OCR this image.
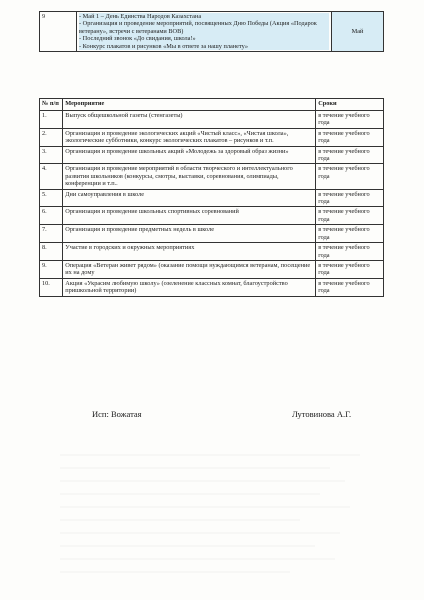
9	- Май 1 – День Единства Народов Казахстана
- Организация и проведение мероприятий, посвященных Дню Победы (Акция «Подарок ветерану», встречи с ветеранами ВОВ)
- Последний звонок «До свидания, школа!»
- Конкурс плакатов и рисунков «Мы в ответе за нашу планету»
	Май
№ п/п	Мероприятие	Сроки
1.	Выпуск общешкольной газеты (стенгазеты)	в течение учебного года
2.	Организация и проведение экологических акций «Чистый класс», «Чистая школа», экологические субботники, конкурс экологических плакатов – рисунков и т.п.	в течение учебного года
3.	Организация и проведение школьных акций «Молодежь за здоровый образ жизни»	в течение учебного года
4.	Организация и проведение мероприятий в области творческого и интеллектуального развития школьников (конкурсы, смотры, выставки, соревнования, олимпиады, конференции и т.п..	в течение учебного года
5.	Дни самоуправления в школе	в течение учебного года
6.	Организация и проведение школьных спортивных соревнований	в течение учебного года
7.	Организация и проведение предметных недель в школе	в течение учебного года
8.	Участие в городских и окружных мероприятиях	в течение учебного года
9.	Операция «Ветеран живет рядом» (оказание помощи нуждающимся ветеранам, посещение их на дому	в течение учебного года
10.	Акция «Украсим любимую школу» (озеленение классных комнат, благоустройство пришкольной территории)	в течение учебного года
Исп: Вожатая	Лутовинова А.Г.
